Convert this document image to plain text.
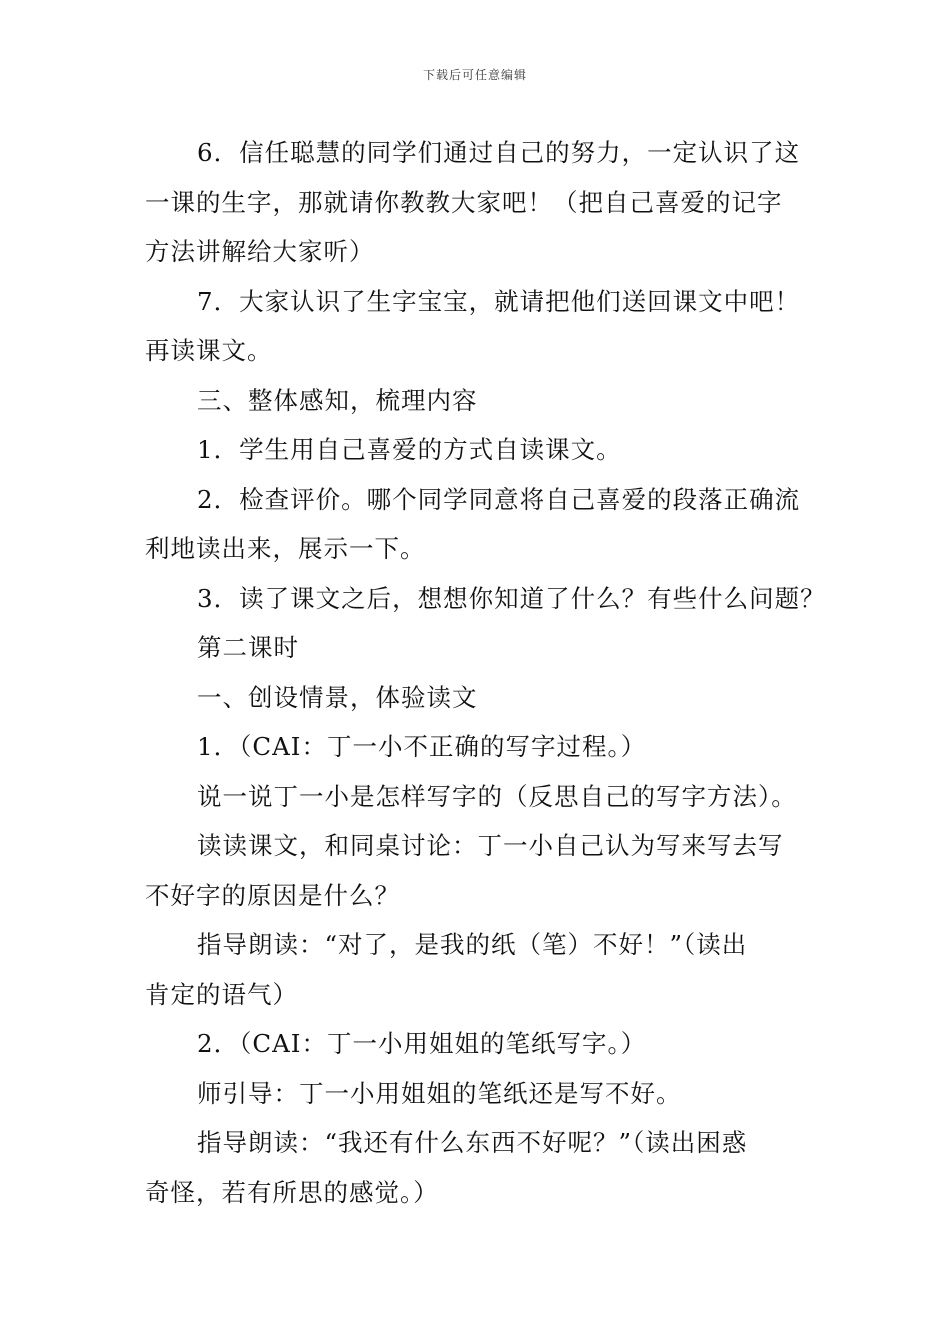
下载后可任意编辑

6．信任聪慧的同学们通过自己的努力，一定认识了这

一课的生字，那就请你教教大家吧！（把自己喜爱的记字

方法讲解给大家听）

7．大家认识了生字宝宝，就请把他们送回课文中吧！

再读课文。

三、整体感知，梳理内容

1．学生用自己喜爱的方式自读课文。

2．检查评价。哪个同学同意将自己喜爱的段落正确流

利地读出来，展示一下。

3．读了课文之后，想想你知道了什么？有些什么问题？

第二课时

一、创设情景，体验读文

1．（CAI：丁一小不正确的写字过程。）

说一说丁一小是怎样写字的（反思自己的写字方法）。

读读课文，和同桌讨论：丁一小自己认为写来写去写

不好字的原因是什么？

指导朗读：“对了，是我的纸（笔）不好！”（读出

肯定的语气）

2．（CAI：丁一小用姐姐的笔纸写字。）

师引导：丁一小用姐姐的笔纸还是写不好。

指导朗读：“我还有什么东西不好呢？”（读出困惑

奇怪，若有所思的感觉。）
